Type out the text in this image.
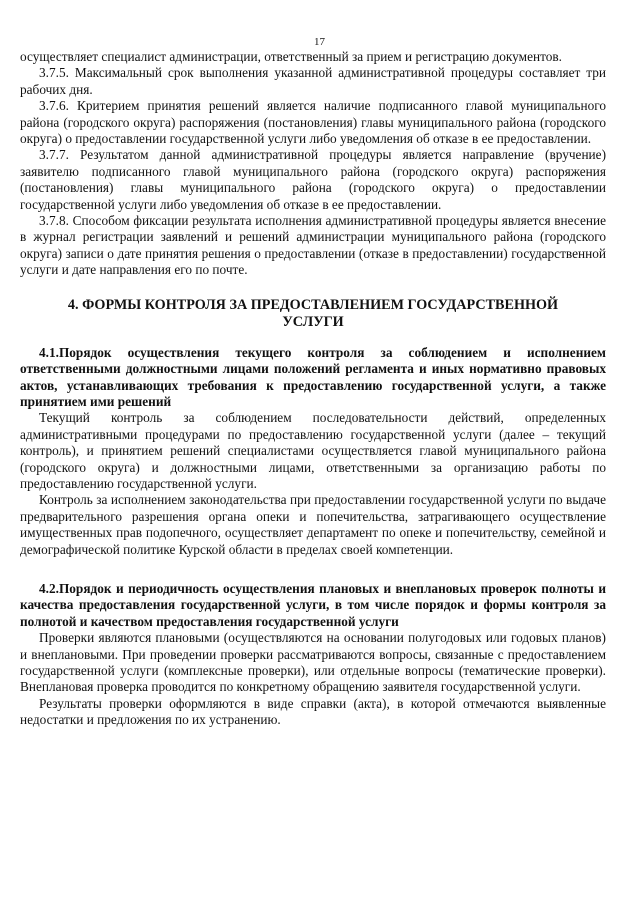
17

осуществляет специалист администрации, ответственный за прием и регистрацию документов.

3.7.5. Максимальный срок выполнения указанной административной процедуры составляет три рабочих дня.

3.7.6. Критерием принятия решений является наличие подписанного главой муниципального района (городского округа) распоряжения (постановления) главы муниципального района (городского округа) о предоставлении государственной услуги либо уведомления об отказе в ее предоставлении.

3.7.7. Результатом данной административной процедуры является направление (вручение) заявителю подписанного главой муниципального района (городского округа) распоряжения (постановления) главы муниципального района (городского округа) о предоставлении государственной услуги либо уведомления об отказе в ее предоставлении.

3.7.8. Способом фиксации результата исполнения административной процедуры является внесение в журнал регистрации заявлений и решений администрации муниципального района (городского округа) записи о дате принятия решения о предоставлении (отказе в предоставлении) государственной услуги и дате направления его по почте.

4. ФОРМЫ КОНТРОЛЯ ЗА ПРЕДОСТАВЛЕНИЕМ ГОСУДАРСТВЕННОЙ УСЛУГИ
4.1.Порядок осуществления текущего контроля за соблюдением и исполнением ответственными должностными лицами положений регламента и иных нормативно правовых актов, устанавливающих требования к предоставлению государственной услуги, а также принятием ими решений

Текущий контроль за соблюдением последовательности действий, определенных административными процедурами по предоставлению государственной услуги (далее – текущий контроль), и принятием решений специалистами осуществляется главой муниципального района (городского округа) и должностными лицами, ответственными за организацию работы по предоставлению государственной услуги.

Контроль за исполнением законодательства при предоставлении государственной услуги по выдаче предварительного разрешения органа опеки и попечительства, затрагивающего осуществление имущественных прав подопечного, осуществляет департамент по опеке и попечительству, семейной и демографической политике Курской области в пределах своей компетенции.

4.2.Порядок и периодичность осуществления плановых и внеплановых проверок полноты и качества предоставления государственной услуги, в том числе порядок и формы контроля за полнотой и качеством предоставления государственной услуги

Проверки являются плановыми (осуществляются на основании полугодовых или годовых планов) и внеплановыми. При проведении проверки рассматриваются вопросы, связанные с предоставлением государственной услуги (комплексные проверки), или отдельные вопросы (тематические проверки). Внеплановая проверка проводится по конкретному обращению заявителя государственной услуги.

Результаты проверки оформляются в виде справки (акта), в которой отмечаются выявленные недостатки и предложения по их устранению.
